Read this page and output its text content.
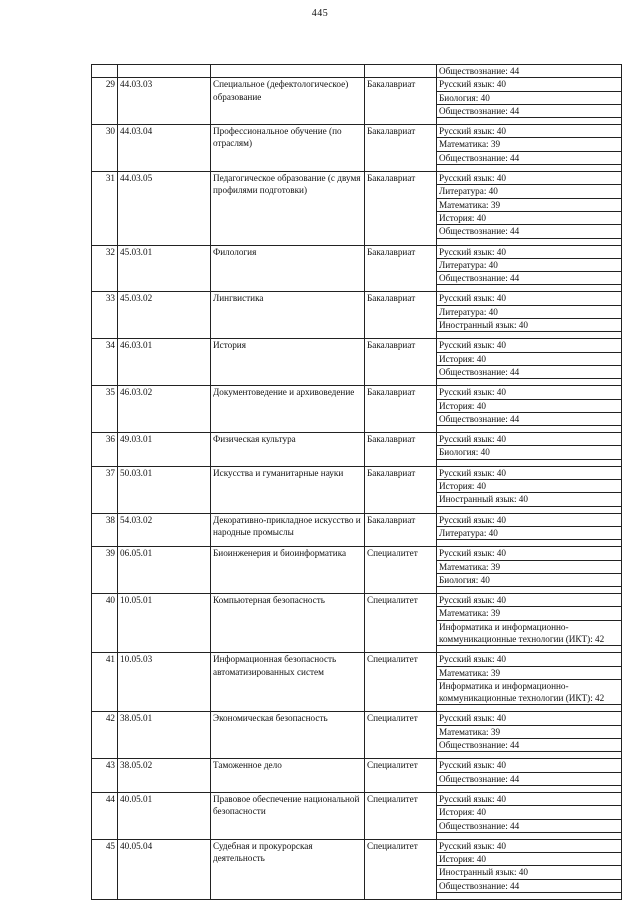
445
				Обществознание: 44
29	44.03.03	Специальное (дефектологическое) образование	Бакалавриат	Русский язык: 40
				Биология: 40
				Обществознание: 44

30	44.03.04	Профессиональное обучение (по отраслям)	Бакалавриат	Русский язык: 40
				Математика: 39
				Обществознание: 44

31	44.03.05	Педагогическое образование (с двумя профилями подготовки)	Бакалавриат	Русский язык: 40
				Литература: 40
				Математика: 39
				История: 40
				Обществознание: 44

32	45.03.01	Филология	Бакалавриат	Русский язык: 40
				Литература: 40
				Обществознание: 44

33	45.03.02	Лингвистика	Бакалавриат	Русский язык: 40
				Литература: 40
				Иностранный язык: 40

34	46.03.01	История	Бакалавриат	Русский язык: 40
				История: 40
				Обществознание: 44

35	46.03.02	Документоведение и архивоведение	Бакалавриат	Русский язык: 40
				История: 40
				Обществознание: 44

36	49.03.01	Физическая культура	Бакалавриат	Русский язык: 40
				Биология: 40

37	50.03.01	Искусства и гуманитарные науки	Бакалавриат	Русский язык: 40
				История: 40
				Иностранный язык: 40

38	54.03.02	Декоративно-прикладное искусство и народные промыслы	Бакалавриат	Русский язык: 40
				Литература: 40

39	06.05.01	Биоинженерия и биоинформатика	Специалитет	Русский язык: 40
				Математика: 39
				Биология: 40

40	10.05.01	Компьютерная безопасность	Специалитет	Русский язык: 40
				Математика: 39
				Информатика и информационно-коммуникационные технологии (ИКТ): 42

41	10.05.03	Информационная безопасность автоматизированных систем	Специалитет	Русский язык: 40
				Математика: 39
				Информатика и информационно-коммуникационные технологии (ИКТ): 42

42	38.05.01	Экономическая безопасность	Специалитет	Русский язык: 40
				Математика: 39
				Обществознание: 44

43	38.05.02	Таможенное дело	Специалитет	Русский язык: 40
				Обществознание: 44

44	40.05.01	Правовое обеспечение национальной безопасности	Специалитет	Русский язык: 40
				История: 40
				Обществознание: 44

45	40.05.04	Судебная и прокурорская деятельность	Специалитет	Русский язык: 40
				История: 40
				Иностранный язык: 40
				Обществознание: 44
